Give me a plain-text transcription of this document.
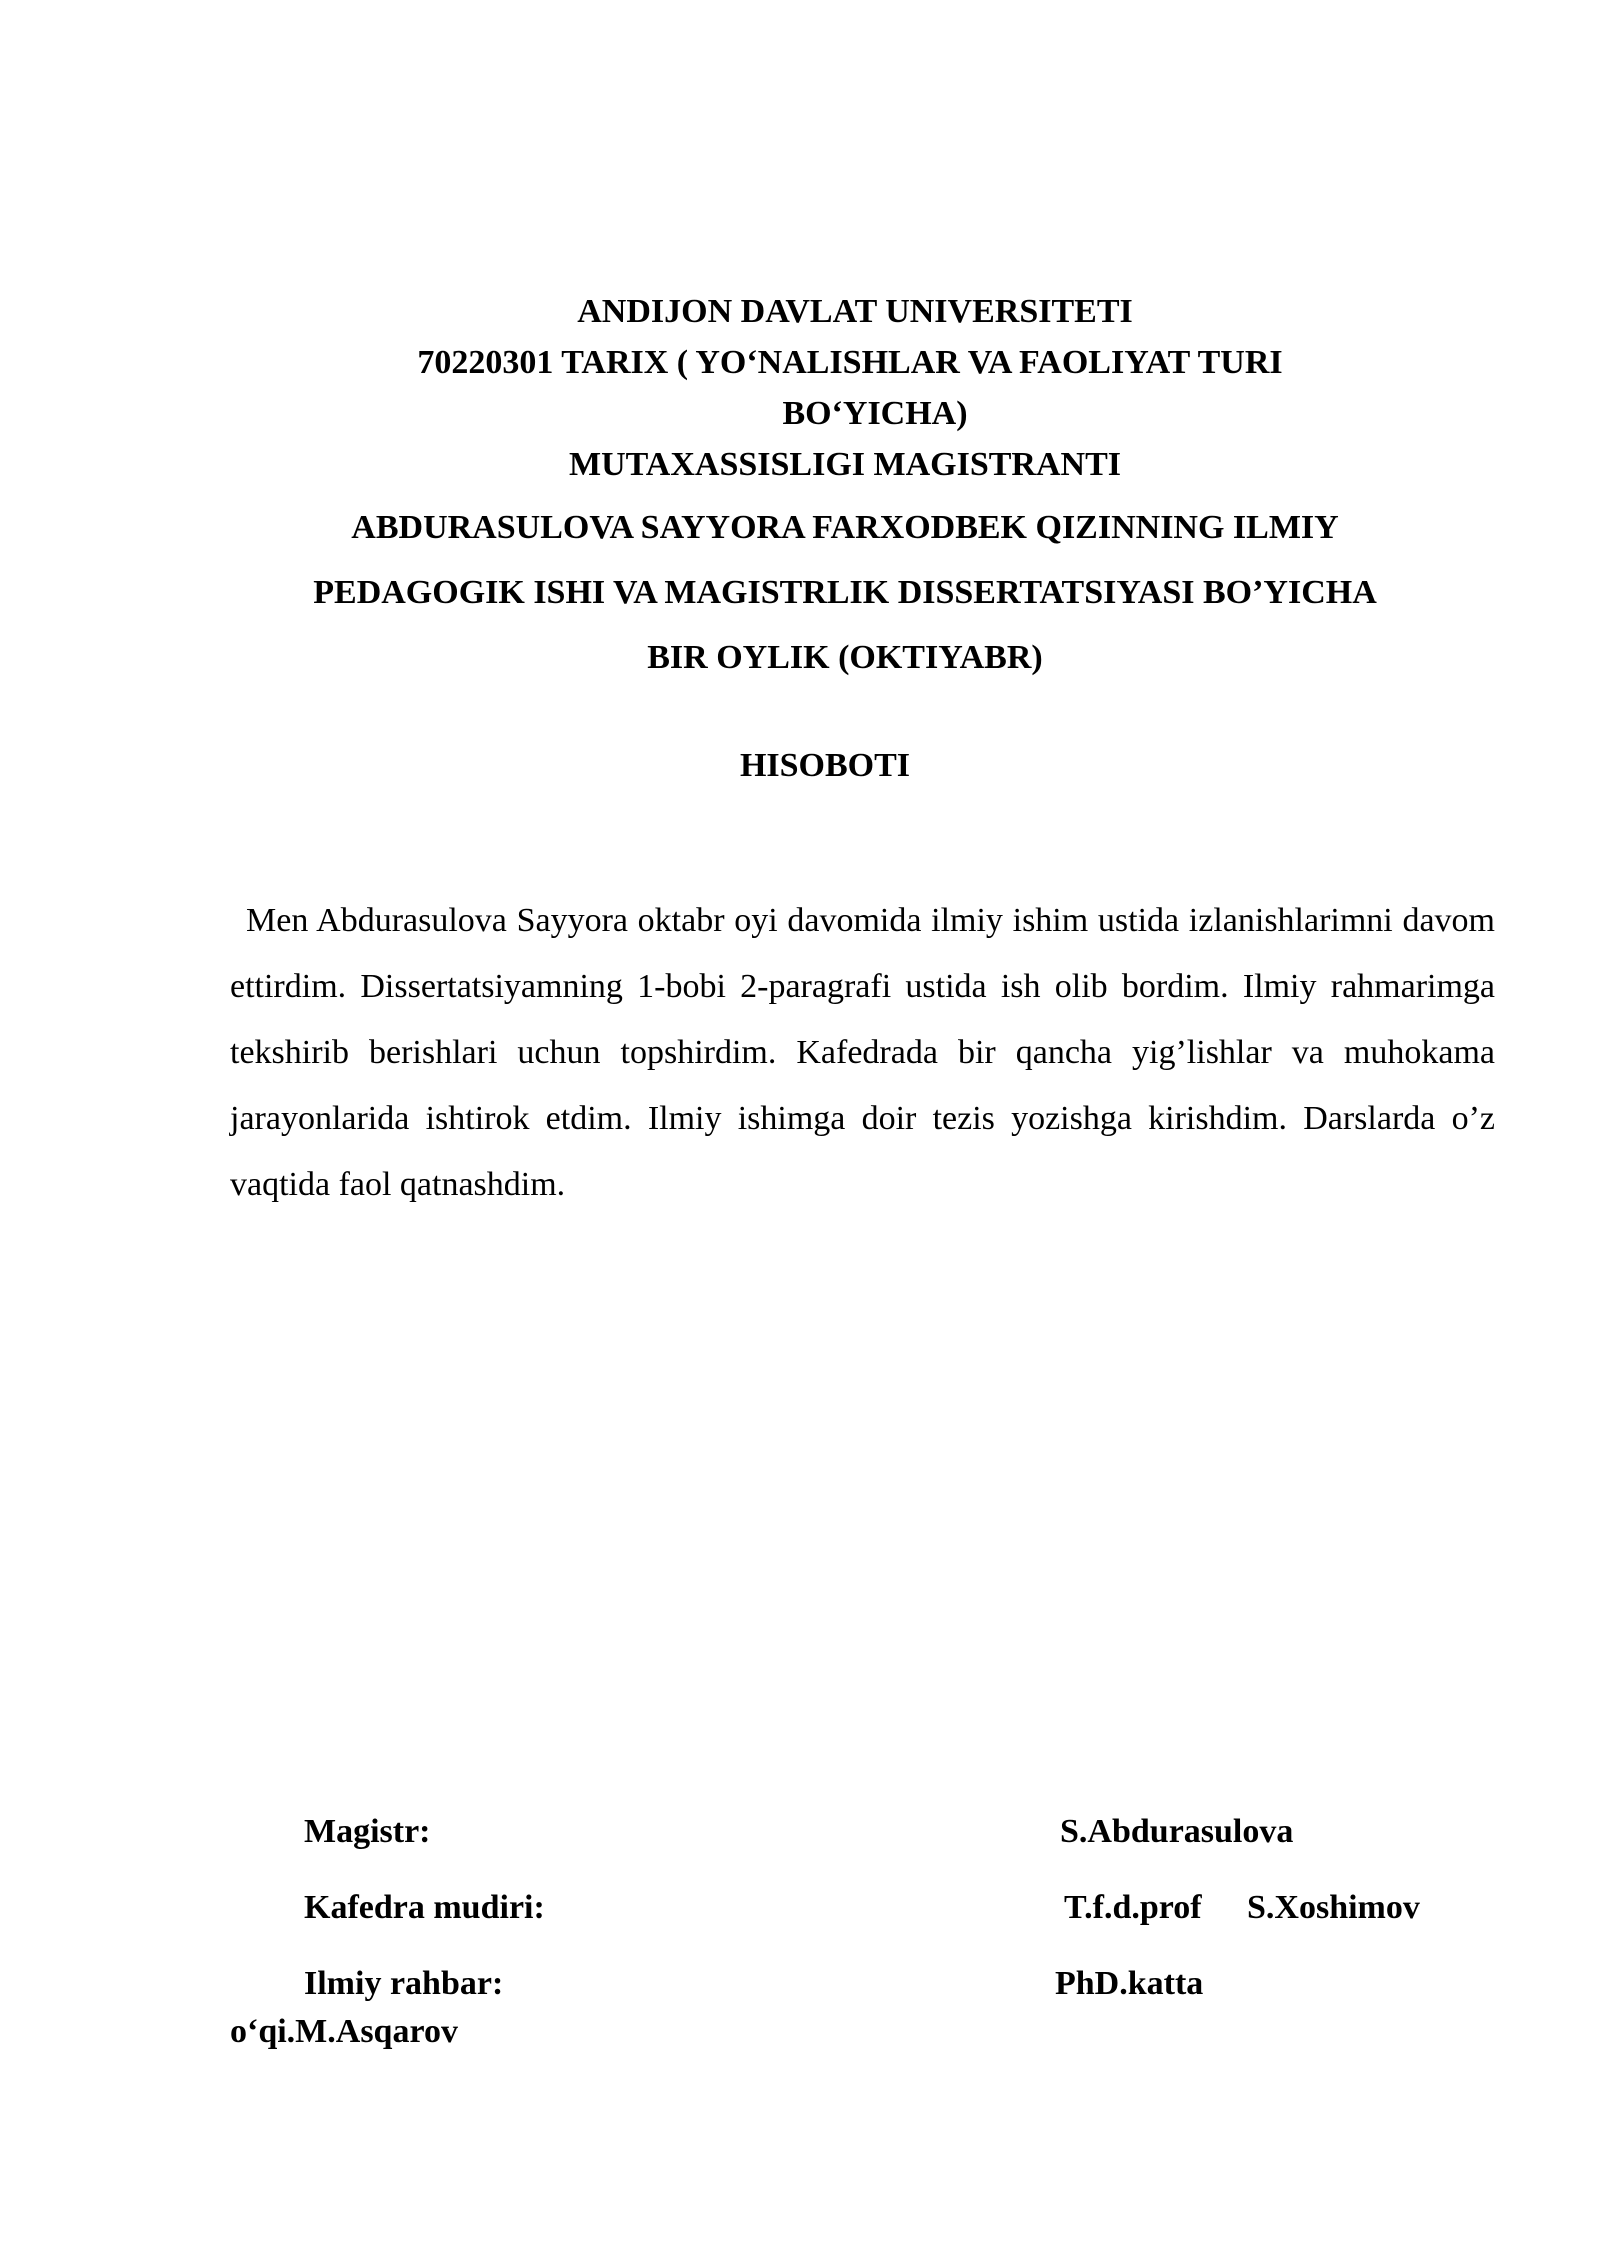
ANDIJON DAVLAT UNIVERSITETI
70220301 TARIX ( YO‘NALISHLAR VA FAOLIYAT TURI
BO‘YICHA)
MUTAXASSISLIGI MAGISTRANTI
ABDURASULOVA SAYYORA FARXODBEK QIZINNING ILMIY
PEDAGOGIK ISHI VA MAGISTRLIK DISSERTATSIYASI BO’YICHA
BIR OYLIK (OKTIYABR)
HISOBOTI
Men Abdurasulova Sayyora oktabr oyi davomida ilmiy ishim ustida izlanishlarimni davom ettirdim. Dissertatsiyamning 1-bobi 2-paragrafi ustida ish olib bordim. Ilmiy rahmarimga tekshirib berishlari uchun topshirdim. Kafedrada bir qancha yig’lishlar va muhokama jarayonlarida ishtirok etdim. Ilmiy ishimga doir tezis yozishga kirishdim. Darslarda o’z vaqtida faol qatnashdim.
Magistr:	S.Abdurasulova
Kafedra mudiri:	T.f.d.prof S.Xoshimov
Ilmiy rahbar:	PhD.katta
o‘qi.M.Asqarov
